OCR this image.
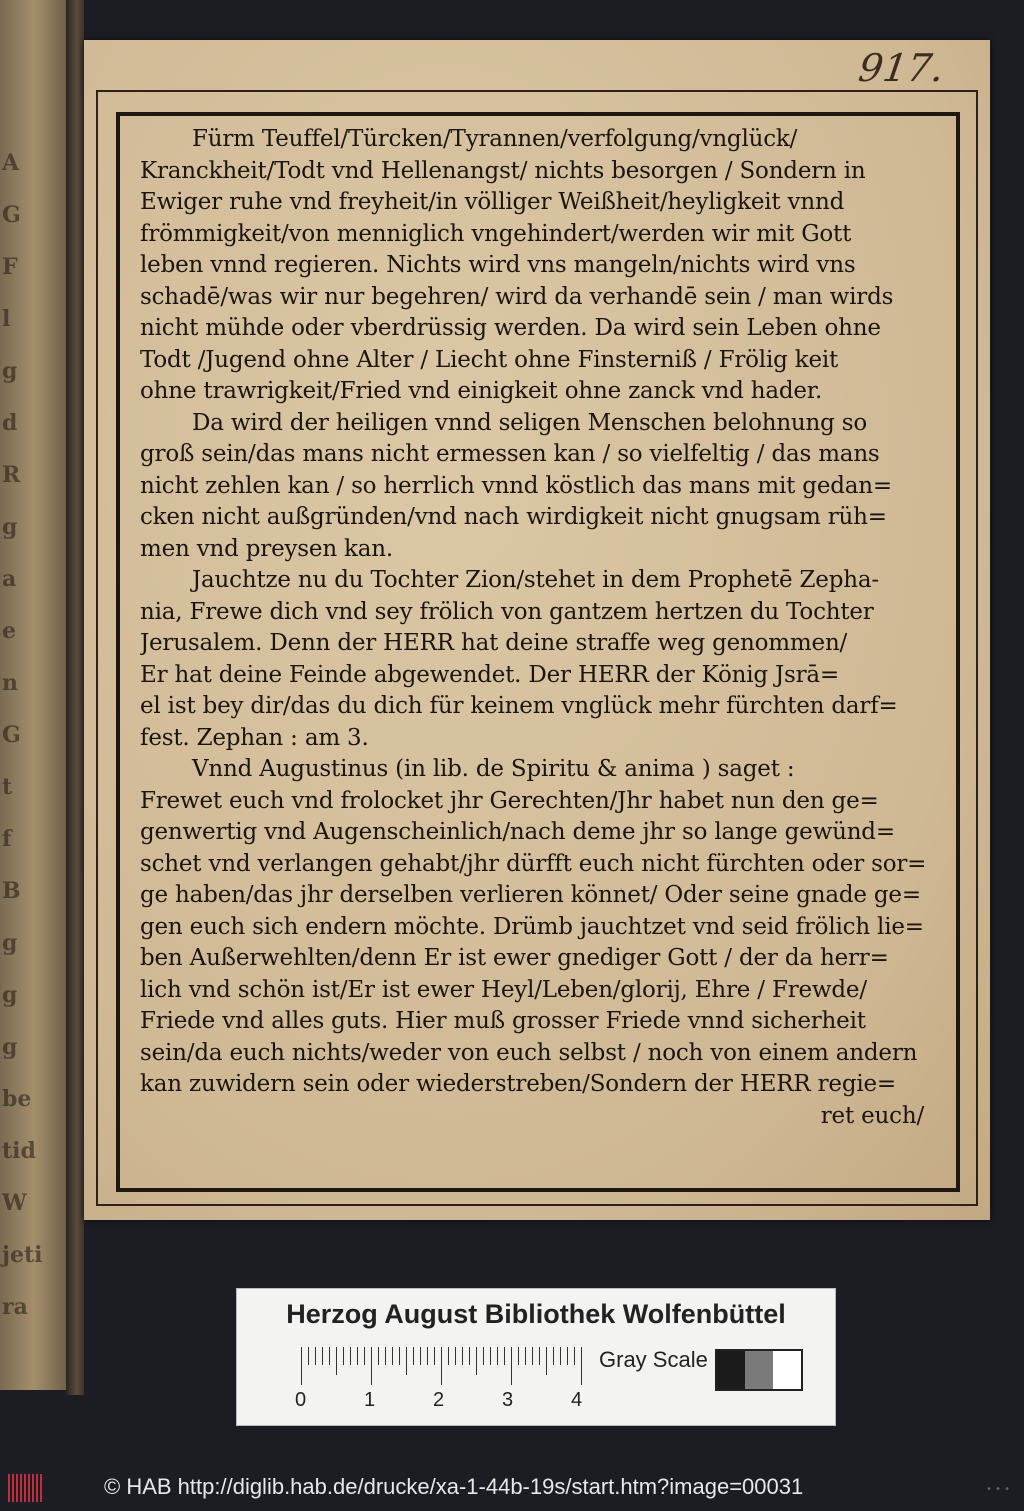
A
G
F
l
g
d
R
g
a
e
n
G
t
f
B
g
g
g
be
tid
W
jeti
ra
917.
Fürm Teuffel/Türcken/Tyrannen/verfolgung/vnglück/
Kranckheit/Todt vnd Hellenangst/ nichts besorgen / Sondern in
Ewiger ruhe vnd freyheit/in völliger Weißheit/heyligkeit vnnd
frömmigkeit/von menniglich vngehindert/werden wir mit Gott
leben vnnd regieren. Nichts wird vns mangeln/nichts wird vns
schadē/was wir nur begehren/ wird da verhandē sein / man wirds
nicht mühde oder vberdrüssig werden. Da wird sein Leben ohne
Todt /Jugend ohne Alter / Liecht ohne Finsterniß / Frölig keit
ohne trawrigkeit/Fried vnd einigkeit ohne zanck vnd hader.
Da wird der heiligen vnnd seligen Menschen belohnung so
groß sein/das mans nicht ermessen kan / so vielfeltig / das mans
nicht zehlen kan / so herrlich vnnd köstlich das mans mit gedan=
cken nicht außgründen/vnd nach wirdigkeit nicht gnugsam rüh=
men vnd preysen kan.
Jauchtze nu du Tochter Zion/stehet in dem Prophetē Zepha-
nia, Frewe dich vnd sey frölich von gantzem hertzen du Tochter
Jerusalem. Denn der HERR hat deine straffe weg genommen/
Er hat deine Feinde abgewendet. Der HERR der König Jsrā=
el ist bey dir/das du dich für keinem vnglück mehr fürchten darf=
fest. Zephan : am 3.
Vnnd Augustinus (in lib. de Spiritu & anima ) saget :
Frewet euch vnd frolocket jhr Gerechten/Jhr habet nun den ge=
genwertig vnd Augenscheinlich/nach deme jhr so lange gewünd=
schet vnd verlangen gehabt/jhr dürfft euch nicht fürchten oder sor=
ge haben/das jhr derselben verlieren könnet/ Oder seine gnade ge=
gen euch sich endern möchte. Drümb jauchtzet vnd seid frölich lie=
ben Außerwehlten/denn Er ist ewer gnediger Gott / der da herr=
lich vnd schön ist/Er ist ewer Heyl/Leben/glorij, Ehre / Frewde/
Friede vnd alles guts. Hier muß grosser Friede vnnd sicherheit
sein/da euch nichts/weder von euch selbst / noch von einem andern
kan zuwidern sein oder wiederstreben/Sondern der HERR regie=
ret euch/
Herzog August Bibliothek Wolfenbüttel
0	1	2	3	4
Gray Scale
© HAB http://diglib.hab.de/drucke/xa-1-44b-19s/start.htm?image=00031	• • •
